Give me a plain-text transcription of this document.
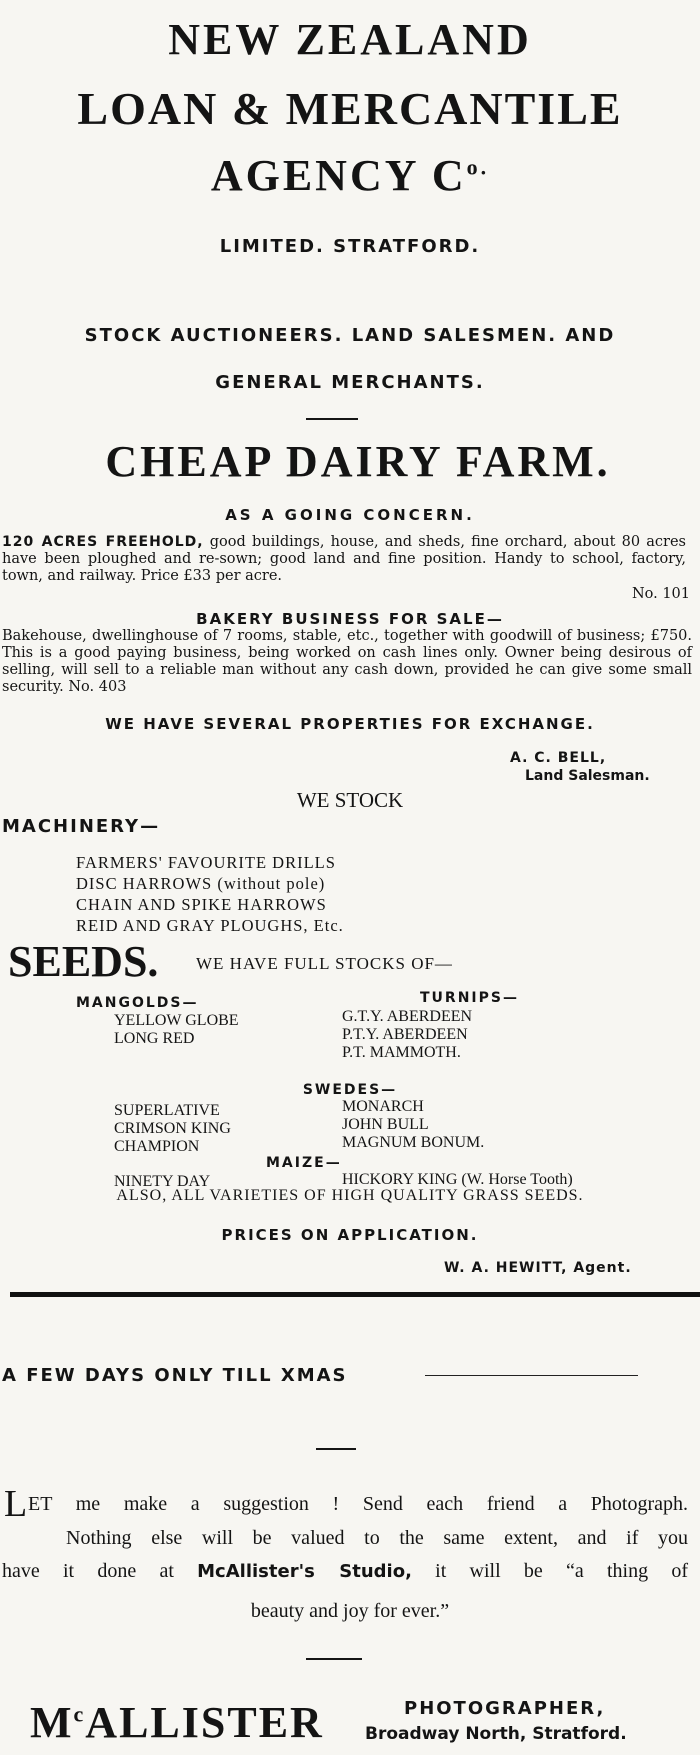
NEW ZEALAND
LOAN & MERCANTILE
AGENCY $C^{o.}$
LIMITED. STRATFORD.
STOCK AUCTIONEERS. LAND SALESMEN. AND
GENERAL MERCHANTS.
CHEAP DAIRY FARM.
AS A GOING CONCERN.
120 ACRES FREEHOLD, good buildings, house, and sheds, fine orchard, about 80 acres have been ploughed and re-sown; good land and fine position. Handy to school, factory, town, and railway. Price £33 per acre.
No. 101
BAKERY BUSINESS FOR SALE—
Bakehouse, dwellinghouse of 7 rooms, stable, etc., together with goodwill of business; £750. This is a good paying business, being worked on cash lines only. Owner being desirous of selling, will sell to a reliable man without any cash down, provided he can give some small security. No. 403
WE HAVE SEVERAL PROPERTIES FOR EXCHANGE.
A. C. BELL,
Land Salesman.
WE STOCK
MACHINERY—
FARMERS' FAVOURITE DRILLS
DISC HARROWS (without pole)
CHAIN AND SPIKE HARROWS
REID AND GRAY PLOUGHS, Etc.
SEEDS. WE HAVE FULL STOCKS OF—
MANGOLDS—
YELLOW GLOBE
LONG RED
TURNIPS—
G.T.Y. ABERDEEN
P.T.Y. ABERDEEN
P.T. MAMMOTH.
SWEDES—
SUPERLATIVE
CRIMSON KING
CHAMPION
MONARCH
JOHN BULL
MAGNUM BONUM.
MAIZE—
NINETY DAY	HICKORY KING (W. Horse Tooth)
ALSO, ALL VARIETIES OF HIGH QUALITY GRASS SEEDS.
PRICES ON APPLICATION.
W. A. HEWITT, Agent.
A FEW DAYS ONLY TILL XMAS
L ET me make a suggestion ! Send each friend a Photograph.
Nothing else will be valued to the same extent, and if you
have it done at McAllister's Studio, it will be “a thing of
beauty and joy for ever.”
$M^cALLISTER$	PHOTOGRAPHER,
Broadway North, Stratford.
